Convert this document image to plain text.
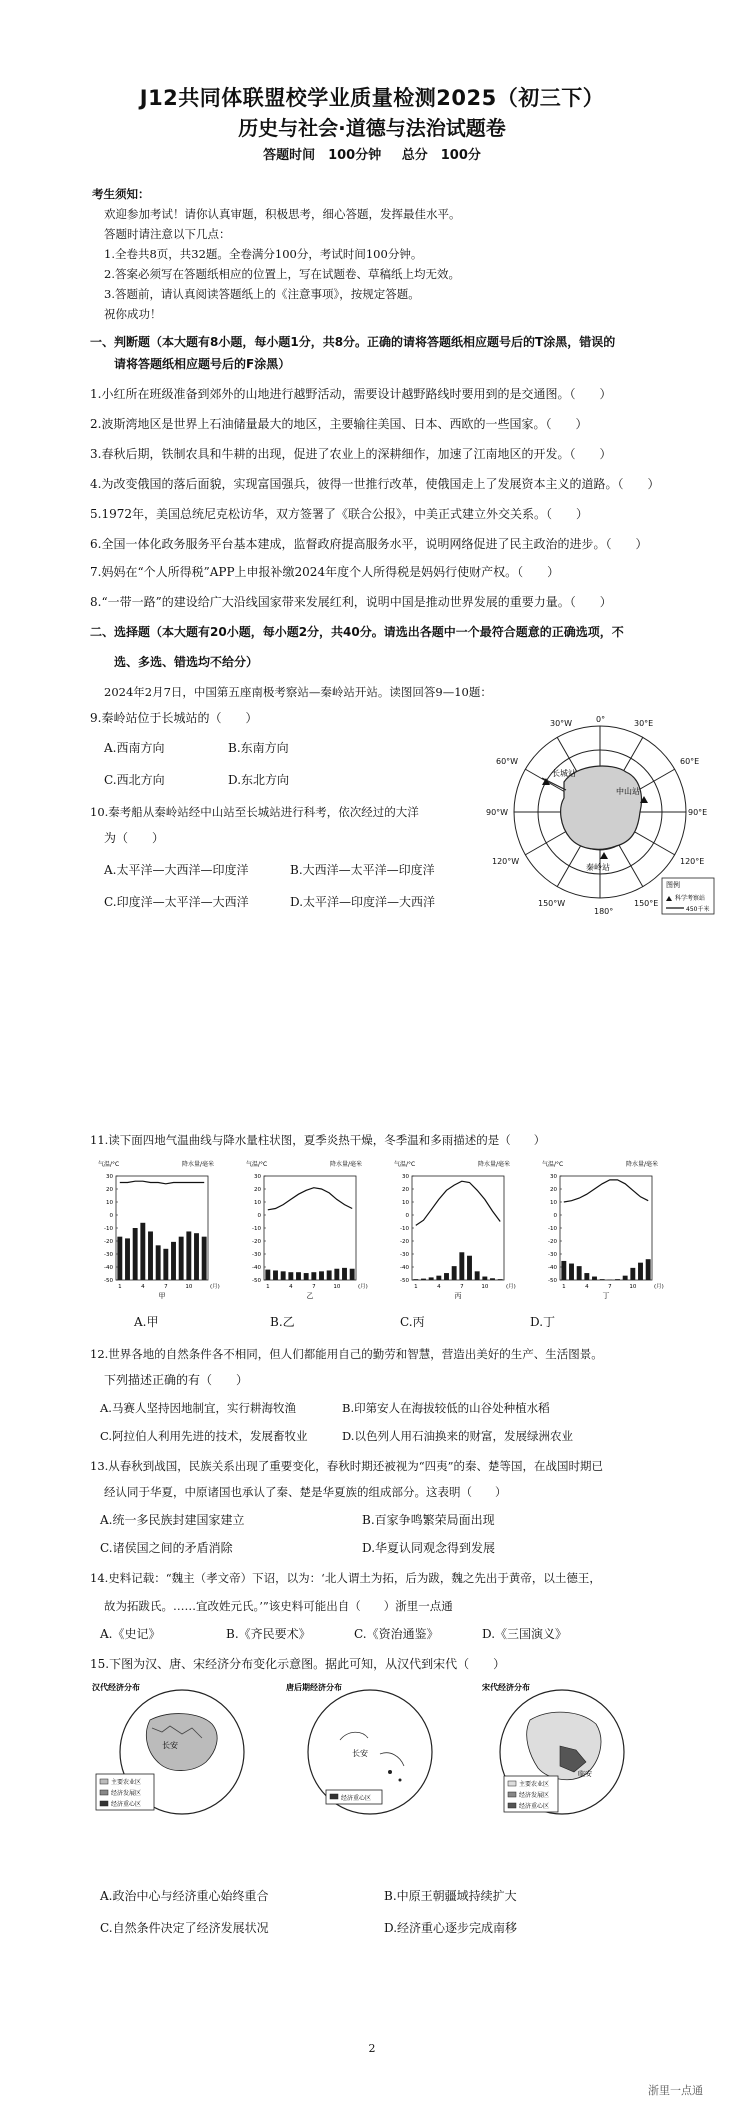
J12共同体联盟校学业质量检测2025（初三下）
历史与社会·道德与法治试题卷
答题时间　100分钟 总分　100分
考生须知：
欢迎参加考试！请你认真审题，积极思考，细心答题，发挥最佳水平。
答题时请注意以下几点：
1.全卷共8页，共32题。全卷满分100分，考试时间100分钟。
2.答案必须写在答题纸相应的位置上，写在试题卷、草稿纸上均无效。
3.答题前，请认真阅读答题纸上的《注意事项》，按规定答题。
祝你成功！
一、判断题（本大题有8小题，每小题1分，共8分。正确的请将答题纸相应题号后的T涂黑，错误的
请将答题纸相应题号后的F涂黑）
1.小红所在班级准备到郊外的山地进行越野活动，需要设计越野路线时要用到的是交通图。（　　）
2.波斯湾地区是世界上石油储量最大的地区，主要输往美国、日本、西欧的一些国家。（　　）
3.春秋后期，铁制农具和牛耕的出现，促进了农业上的深耕细作，加速了江南地区的开发。（　　）
4.为改变俄国的落后面貌，实现富国强兵，彼得一世推行改革，使俄国走上了发展资本主义的道路。（　　）
5.1972年，美国总统尼克松访华，双方签署了《联合公报》，中美正式建立外交关系。（　　）
6.全国一体化政务服务平台基本建成，监督政府提高服务水平，说明网络促进了民主政治的进步。（　　）
7.妈妈在“个人所得税”APP上申报补缴2024年度个人所得税是妈妈行使财产权。（　　）
8.“一带一路”的建设给广大沿线国家带来发展红利，说明中国是推动世界发展的重要力量。（　　）
二、选择题（本大题有20小题，每小题2分，共40分。请选出各题中一个最符合题意的正确选项，不
选、多选、错选均不给分）
2024年2月7日，中国第五座南极考察站—秦岭站开站。读图回答9—10题：
9.秦岭站位于长城站的（　　）
A.西南方向	B.东南方向
C.西北方向	D.东北方向
10.秦考船从秦岭站经中山站至长城站进行科考，依次经过的大洋
为（　　）
A.太平洋—大西洋—印度洋	B.大西洋—太平洋—印度洋
C.印度洋—太平洋—大西洋	D.太平洋—印度洋—大西洋
长城站
中山站
秦岭站
30°W	0°	30°E
60°W	60°E
90°W	90°E
120°W	120°E
150°W	150°E
180°
图例
科学考察站
450千米
11.读下面四地气温曲线与降水量柱状图，夏季炎热干燥，冬季温和多雨描述的是（　　）
气温/°C	降水量/毫米
30
20
10
0
-10
-20
-30
-40
-50
1	4	7	10	(月)
甲
气温/°C	降水量/毫米
30
20
10
0
-10
-20
-30
-40
-50
1	4	7	10	(月)
乙
气温/°C	降水量/毫米
30
20
10
0
-10
-20
-30
-40
-50
1	4	7	10	(月)
丙
气温/°C	降水量/毫米
30
20
10
0
-10
-20
-30
-40
-50
1	4	7	10	(月)
丁
A.甲	B.乙	C.丙	D.丁
12.世界各地的自然条件各不相同，但人们都能用自己的勤劳和智慧，营造出美好的生产、生活图景。
下列描述正确的有（　　）
A.马赛人坚持因地制宜，实行耕海牧渔	B.印第安人在海拔较低的山谷处种植水稻
C.阿拉伯人利用先进的技术，发展畜牧业	D.以色列人用石油换来的财富，发展绿洲农业
13.从春秋到战国，民族关系出现了重要变化，春秋时期还被视为“四夷”的秦、楚等国，在战国时期已
经认同于华夏，中原诸国也承认了秦、楚是华夏族的组成部分。这表明（　　）
A.统一多民族封建国家建立	B.百家争鸣繁荣局面出现
C.诸侯国之间的矛盾消除	D.华夏认同观念得到发展
14.史料记载：“魏主（孝文帝）下诏，以为：‘北人谓土为拓，后为跋，魏之先出于黄帝，以土德王，
故为拓跋氏。……宜改姓元氏。’”该史料可能出自（　　）浙里一点通
A.《史记》	B.《齐民要术》	C.《资治通鉴》	D.《三国演义》
15.下图为汉、唐、宋经济分布变化示意图。据此可知，从汉代到宋代（　　）
汉代经济分布	唐后期经济分布	宋代经济分布
长安
主要农业区
经济发展区
经济重心区
长安
经济重心区
临安
主要农业区
经济发展区
经济重心区
A.政治中心与经济重心始终重合	B.中原王朝疆域持续扩大
C.自然条件决定了经济发展状况	D.经济重心逐步完成南移
2
浙里一点通
